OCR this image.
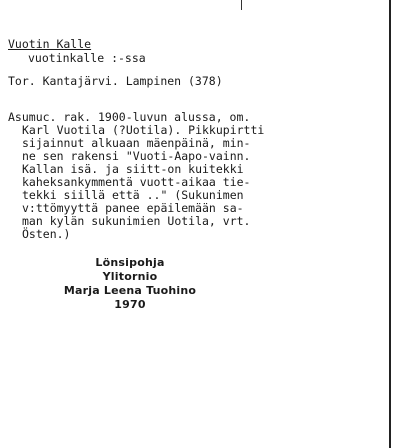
Vuotin Kalle
vuotinkalle :-ssa
Tor. Kantajärvi. Lampinen (378)
Asumuc. rak. 1900-luvun alussa, om.
Karl Vuotila (?Uotila). Pikkupirtti
sijainnut alkuaan mäenpäinä, min-
ne sen rakensi "Vuoti-Aapo-vainn.
Kallan isä. ja siitt-on kuitekki
kaheksankymmentä vuott-aikaa tie-
tekki siillä että .." (Sukunimen
v:ttömyyttä panee epäilemään sa-
man kylän sukunimien Uotila, vrt.
Östen.)
Lönsipohja
Ylitornio
Marja Leena Tuohino
1970
